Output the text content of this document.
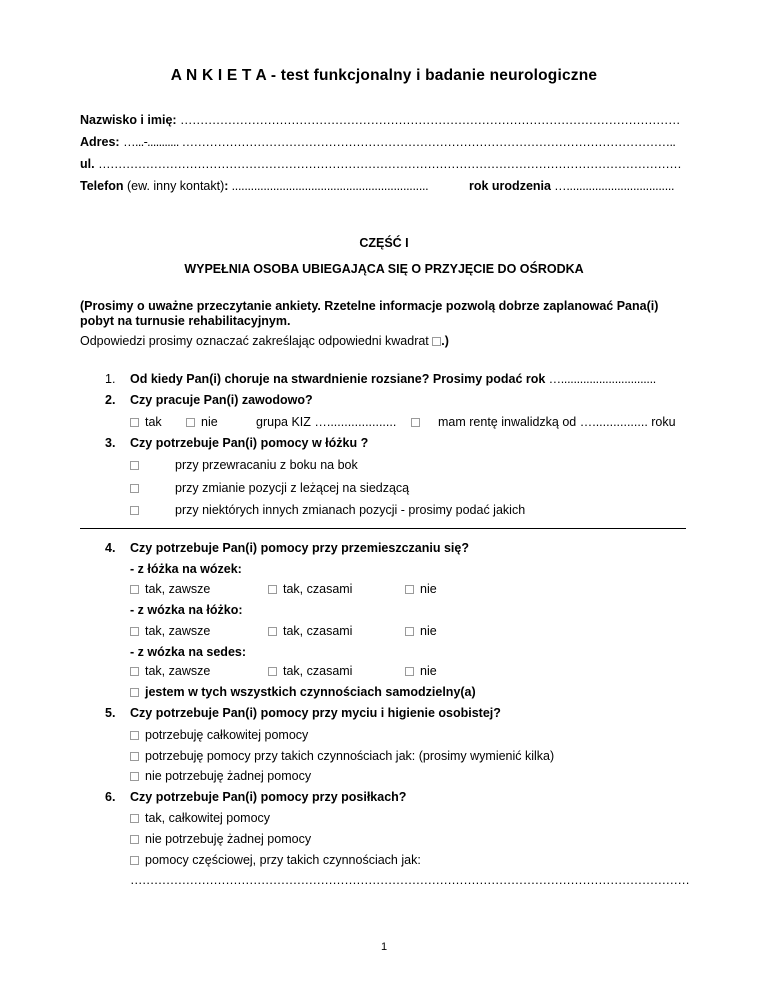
A N K I E T A - test funkcjonalny i badanie neurologiczne
Nazwisko i imię: ………………………………………………………………………………………………………………
Adres: …...-........... ……………………………………………………………………………………………………………..
ul. …………………………………………………………………………………………………………………………………
Telefon (ew. inny kontakt): ..............................................................	rok urodzenia …..................................
CZĘŚĆ I
WYPEŁNIA OSOBA UBIEGAJĄCA SIĘ O PRZYJĘCIE DO OŚRODKA
(Prosimy o uważne przeczytanie ankiety. Rzetelne informacje pozwolą dobrze zaplanować Pana(i)
pobyt na turnusie rehabilitacyjnym.
Odpowiedzi prosimy oznaczać zakreślając odpowiedni kwadrat .)
1. Od kiedy Pan(i) choruje na stwardnienie rozsiane? Prosimy podać rok …..............................
2. Czy pracuje Pan(i) zawodowo?
tak	nie	grupa KIZ …....................	mam rentę inwalidzką od …................ roku
3. Czy potrzebuje Pan(i) pomocy w łóżku ?
przy przewracaniu z boku na bok
przy zmianie pozycji z leżącej na siedzącą
przy niektórych innych zmianach pozycji - prosimy podać jakich
4. Czy potrzebuje Pan(i) pomocy przy przemieszczaniu się?
- z łóżka na wózek:
tak, zawsze	tak, czasami	nie
- z wózka na łóżko:
tak, zawsze	tak, czasami	nie
- z wózka na sedes:
tak, zawsze	tak, czasami	nie
jestem w tych wszystkich czynnościach samodzielny(a)
5. Czy potrzebuje Pan(i) pomocy przy myciu i higienie osobistej?
potrzebuję całkowitej pomocy
potrzebuję pomocy przy takich czynnościach jak: (prosimy wymienić kilka)
nie potrzebuję żadnej pomocy
6. Czy potrzebuje Pan(i) pomocy przy posiłkach?
tak, całkowitej pomocy
nie potrzebuję żadnej pomocy
pomocy częściowej, przy takich czynnościach jak:
……………………………………………………………………………………………………………………………
1
